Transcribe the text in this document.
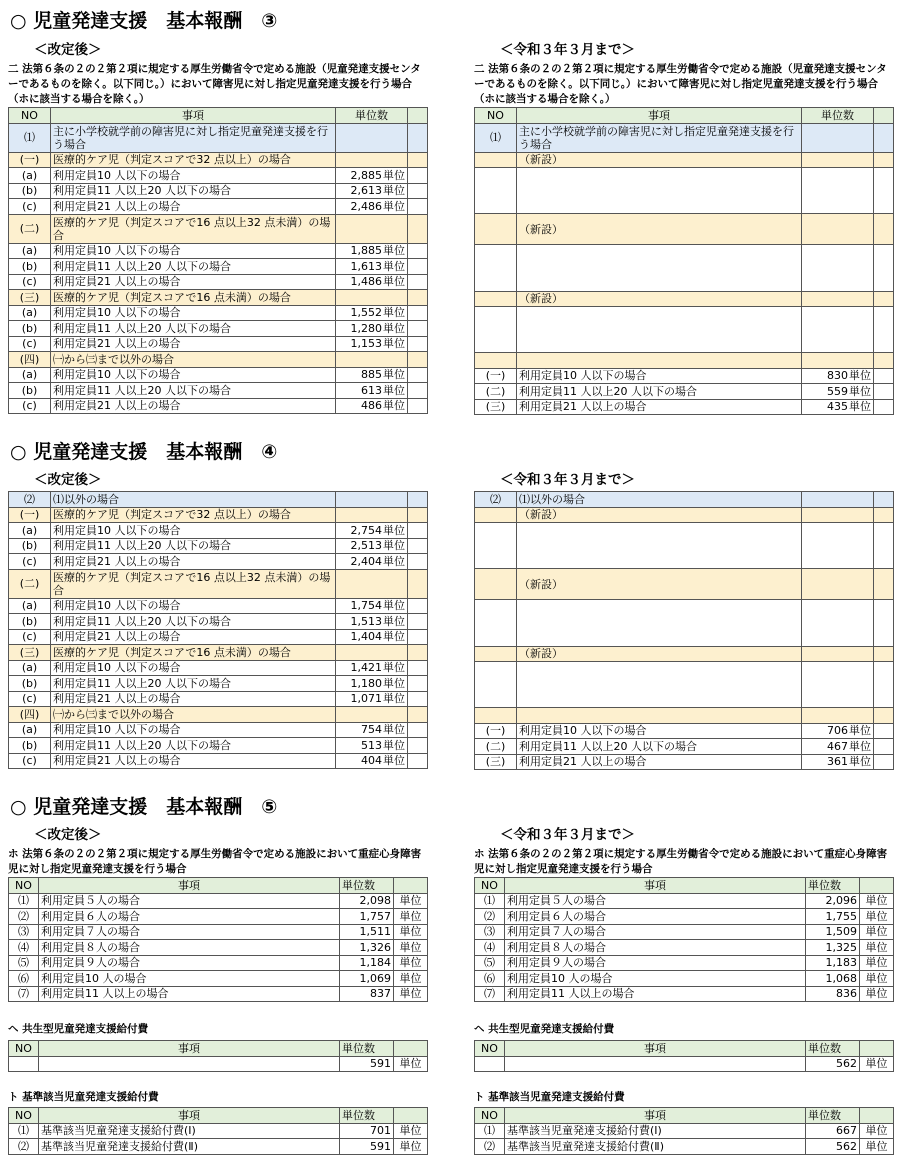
○ 児童発達支援　基本報酬　③
＜改定後＞
二 法第６条の２の２第２項に規定する厚生労働省令で定める施設（児童発達支援センターであるものを除く。以下同じ。）において障害児に対し指定児童発達支援を行う場合（ホに該当する場合を除く。）
NO	事項	単位数	
⑴	主に小学校就学前の障害児に対し指定児童発達支援を行う場合		
(一)	医療的ケア児（判定スコアで32 点以上）の場合		
(a)	利用定員10 人以下の場合	2,885 単位	

(b)	利用定員11 人以上20 人以下の場合	2,613 単位	

(c)	利用定員21 人以上の場合	2,486 単位	

(二)	医療的ケア児（判定スコアで16 点以上32 点未満）の場合		
(a)	利用定員10 人以下の場合	1,885 単位	

(b)	利用定員11 人以上20 人以下の場合	1,613 単位	

(c)	利用定員21 人以上の場合	1,486 単位	

(三)	医療的ケア児（判定スコアで16 点未満）の場合		
(a)	利用定員10 人以下の場合	1,552 単位	

(b)	利用定員11 人以上20 人以下の場合	1,280 単位	

(c)	利用定員21 人以上の場合	1,153 単位	

(四)	㈠から㈢まで以外の場合		
(a)	利用定員10 人以下の場合	885 単位	

(b)	利用定員11 人以上20 人以下の場合	613 単位	

(c)	利用定員21 人以上の場合	486 単位	

＜令和３年３月まで＞
二 法第６条の２の２第２項に規定する厚生労働省令で定める施設（児童発達支援センターであるものを除く。以下同じ。）において障害児に対し指定児童発達支援を行う場合（ホに該当する場合を除く。）
NO	事項	単位数	
⑴	主に小学校就学前の障害児に対し指定児童発達支援を行う場合		
	（新設）		

	（新設）		

	（新設）		

(一)	利用定員10 人以下の場合	830 単位	

(二)	利用定員11 人以上20 人以下の場合	559 単位	

(三)	利用定員21 人以上の場合	435 単位	

○ 児童発達支援　基本報酬　④
＜改定後＞
⑵	⑴以外の場合		
(一)	医療的ケア児（判定スコアで32 点以上）の場合		
(a)	利用定員10 人以下の場合	2,754 単位	

(b)	利用定員11 人以上20 人以下の場合	2,513 単位	

(c)	利用定員21 人以上の場合	2,404 単位	

(二)	医療的ケア児（判定スコアで16 点以上32 点未満）の場合		
(a)	利用定員10 人以下の場合	1,754 単位	

(b)	利用定員11 人以上20 人以下の場合	1,513 単位	

(c)	利用定員21 人以上の場合	1,404 単位	

(三)	医療的ケア児（判定スコアで16 点未満）の場合		
(a)	利用定員10 人以下の場合	1,421 単位	

(b)	利用定員11 人以上20 人以下の場合	1,180 単位	

(c)	利用定員21 人以上の場合	1,071 単位	

(四)	㈠から㈢まで以外の場合		
(a)	利用定員10 人以下の場合	754 単位	

(b)	利用定員11 人以上20 人以下の場合	513 単位	

(c)	利用定員21 人以上の場合	404 単位	

＜令和３年３月まで＞
⑵	⑴以外の場合		
	（新設）		

	（新設）		

	（新設）		

(一)	利用定員10 人以下の場合	706 単位	

(二)	利用定員11 人以上20 人以下の場合	467 単位	

(三)	利用定員21 人以上の場合	361 単位	

○ 児童発達支援　基本報酬　⑤
＜改定後＞
ホ 法第６条の２の２第２項に規定する厚生労働省令で定める施設において重症心身障害児に対し指定児童発達支援を行う場合
NO	事項	単位数	
⑴	利用定員５人の場合	2,098	単位
⑵	利用定員６人の場合	1,757	単位
⑶	利用定員７人の場合	1,511	単位
⑷	利用定員８人の場合	1,326	単位
⑸	利用定員９人の場合	1,184	単位
⑹	利用定員10 人の場合	1,069	単位
⑺	利用定員11 人以上の場合	837	単位
ヘ 共生型児童発達支援給付費
NO	事項	単位数	
		591	単位
ト 基準該当児童発達支援給付費
NO	事項	単位数	
⑴	基準該当児童発達支援給付費(Ⅰ)	701	単位
⑵	基準該当児童発達支援給付費(Ⅱ)	591	単位
＜令和３年３月まで＞
ホ 法第６条の２の２第２項に規定する厚生労働省令で定める施設において重症心身障害児に対し指定児童発達支援を行う場合
NO	事項	単位数	
⑴	利用定員５人の場合	2,096	単位
⑵	利用定員６人の場合	1,755	単位
⑶	利用定員７人の場合	1,509	単位
⑷	利用定員８人の場合	1,325	単位
⑸	利用定員９人の場合	1,183	単位
⑹	利用定員10 人の場合	1,068	単位
⑺	利用定員11 人以上の場合	836	単位
ヘ 共生型児童発達支援給付費
NO	事項	単位数	
		562	単位
ト 基準該当児童発達支援給付費
NO	事項	単位数	
⑴	基準該当児童発達支援給付費(Ⅰ)	667	単位
⑵	基準該当児童発達支援給付費(Ⅱ)	562	単位
